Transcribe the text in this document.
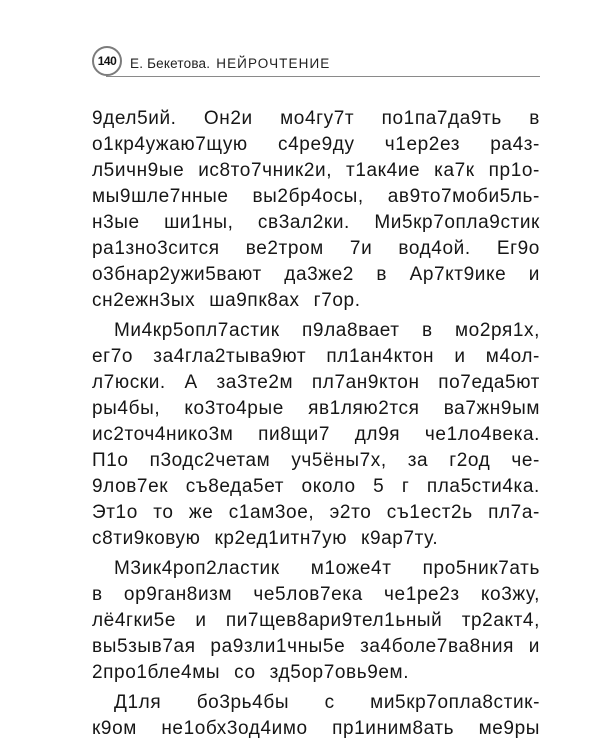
140 Е. Бекетова. НЕЙРОЧТЕНИЕ
9дел5ий. Он2и мо4гу7т по1па7да9ть в
о1кр4ужаю7щую с4ре9ду ч1ер2ез ра4з-
л5ичн9ые ис8то7чник2и, т1ак4ие ка7к пр1о-
мы9шле7нные вы2бр4осы, ав9то7моби5ль-
н3ые ши1ны, св3ал2ки. Ми5кр7опла9стик
ра1зно3сится ве2тром 7и вод4ой. Ег9о
о3бнар2ужи5вают да3же2 в Ар7кт9ике и
сн2ежн3ых ша9пк8ах г7ор.
Ми4кр5опл7астик п9ла8вает в мо2ря1х,
ег7о за4гла2тыва9ют пл1ан4ктон и м4ол-
л7юски. А за3те2м пл7ан9ктон по7еда5ют
ры4бы, ко3то4рые яв1ляю2тся ва7жн9ым
ис2точ4нико3м пи8щи7 дл9я че1ло4века.
П1о п3одс2четам уч5ёны7х, за г2од че-
9лов7ек съ8еда5ет около 5 г пла5сти4ка.
Эт1о то же с1ам3ое, э2то съ1ест2ь пл7а-
с8ти9ковую кр2ед1итн7ую к9ар7ту.
М3ик4роп2ластик м1оже4т про5ник7ать
в ор9ган8изм че5лов7ека че1ре2з ко3жу,
лё4гки5е и пи7щев8ари9тел1ьный тр2акт4,
вы5зыв7ая ра9зли1чны5е за4боле7ва8ния и
2про1бле4мы со зд5ор7овь9ем.
Д1ля бо3рь4бы с ми5кр7опла8стик-
к9ом не1обх3од4имо пр1иним8ать ме9ры
